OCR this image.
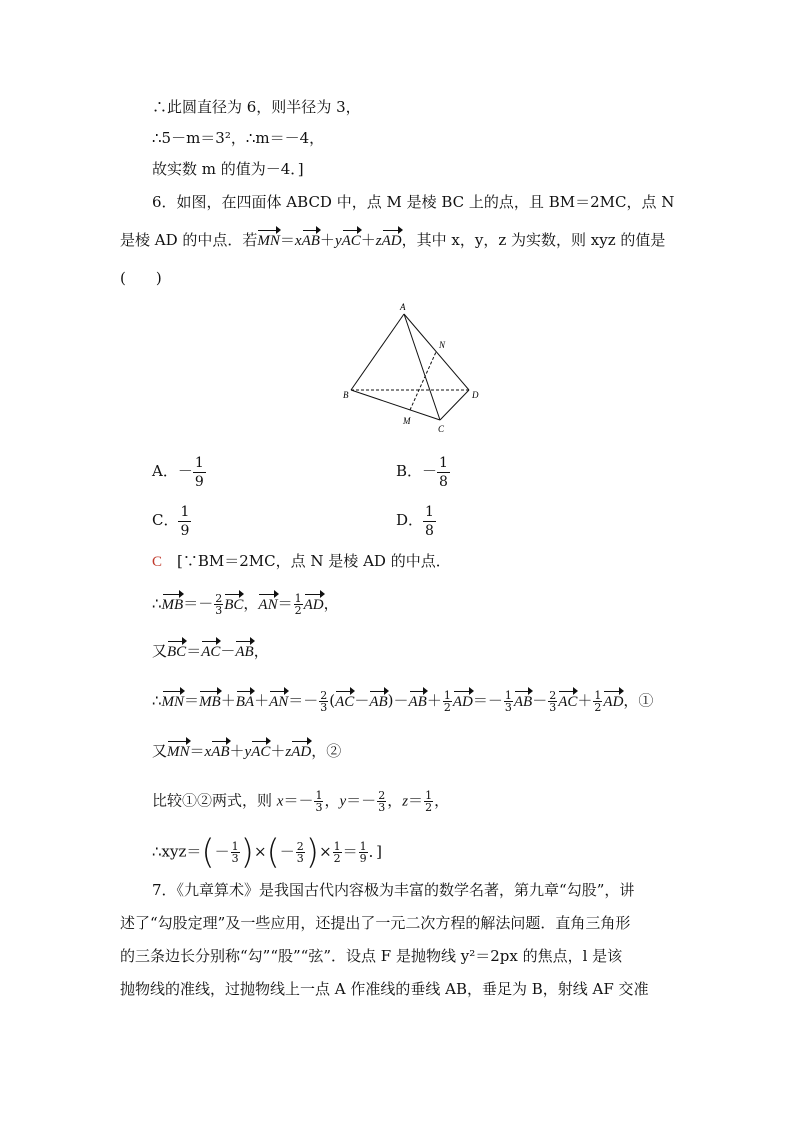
∴此圆直径为 6，则半径为 3，
∴5－m＝3²，∴m＝－4，
故实数 m 的值为－4．]
6．如图，在四面体 ABCD 中，点 M 是棱 BC 上的点，且 BM＝2MC，点 N
是棱 AD 的中点．若MN＝xAB＋yAC＋zAD，其中 x，y，z 为实数，则 xyz 的值是
(　　)
A
N
B	D
M
C
A．－ $\frac{1}{9}$	B．－ $\frac{1}{8}$
C． $\frac{1}{9}$	D． $\frac{1}{8}$
C　 [∵BM＝2MC，点 N 是棱 AD 的中点．
∴MB＝－ $\frac{2}{3}$ BC，$AN= \frac{1}{2}$ AD，
又BC＝AC－AB，
∴MN＝MB＋BA＋AN＝－ $\frac{2}{3} (AC-AB)-AB+ \frac{1}{2} AD=- \frac{1}{3} AB- \frac{2}{3} AC+ \frac{1}{2}$ AD，①
又MN＝xAB＋yAC＋zAD，②
比较①②两式，则 $x=- \frac{1}{3}$ ，$y=- \frac{2}{3}$ ，$z= \frac{1}{2}$ ，
∴xyz＝(－ $\frac{1}{3}$ )×(－ $\frac{2}{3}$ )× $\frac{1}{2} = \frac{1}{9}$ ．]
7．《九章算术》是我国古代内容极为丰富的数学名著，第九章“勾股”，讲
述了“勾股定理”及一些应用，还提出了一元二次方程的解法问题．直角三角形
的三条边长分别称“勾”“股”“弦”．设点 F 是抛物线 y²＝2px 的焦点，l 是该
抛物线的准线，过抛物线上一点 A 作准线的垂线 AB，垂足为 B，射线 AF 交准
